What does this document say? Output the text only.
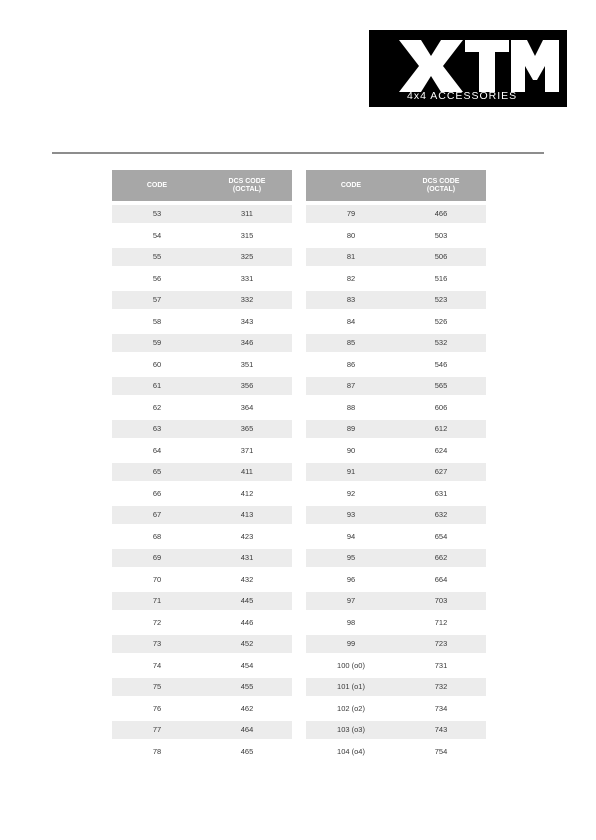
4x4 ACCESSORIES
CODE
DCS CODE
(OCTAL)
53	311
54	315
55	325
56	331
57	332
58	343
59	346
60	351
61	356
62	364
63	365
64	371
65	411
66	412
67	413
68	423
69	431
70	432
71	445
72	446
73	452
74	454
75	455
76	462
77	464
78	465
CODE
DCS CODE
(OCTAL)
79	466
80	503
81	506
82	516
83	523
84	526
85	532
86	546
87	565
88	606
89	612
90	624
91	627
92	631
93	632
94	654
95	662
96	664
97	703
98	712
99	723
100 (o0)	731
101 (o1)	732
102 (o2)	734
103 (o3)	743
104 (o4)	754
